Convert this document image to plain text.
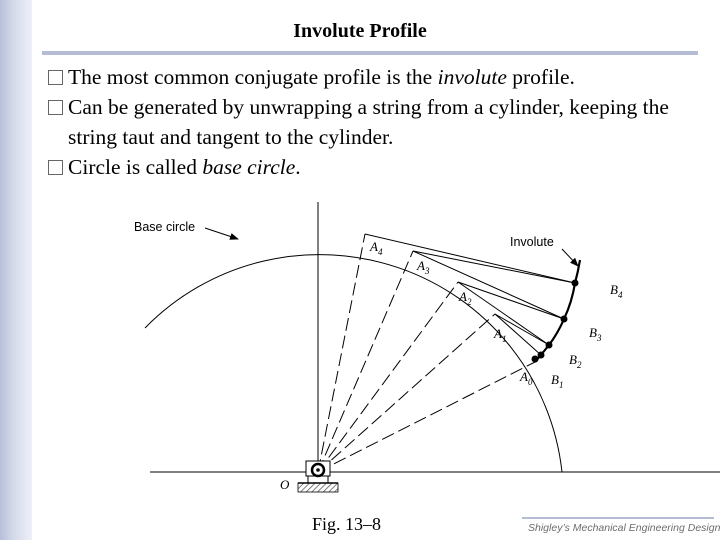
Involute Profile
The most common conjugate profile is the involute profile.
Can be generated by unwrapping a string from a cylinder, keeping the string taut and tangent to the cylinder.
Circle is called base circle.
Base circle
Involute
$A_4$
$A_3$
$A_2$
$A_1$
$A_0$
$B_4$
$B_3$
$B_2$
$B_1$
O
Fig. 13–8	Shigley’s Mechanical Engineering Design
